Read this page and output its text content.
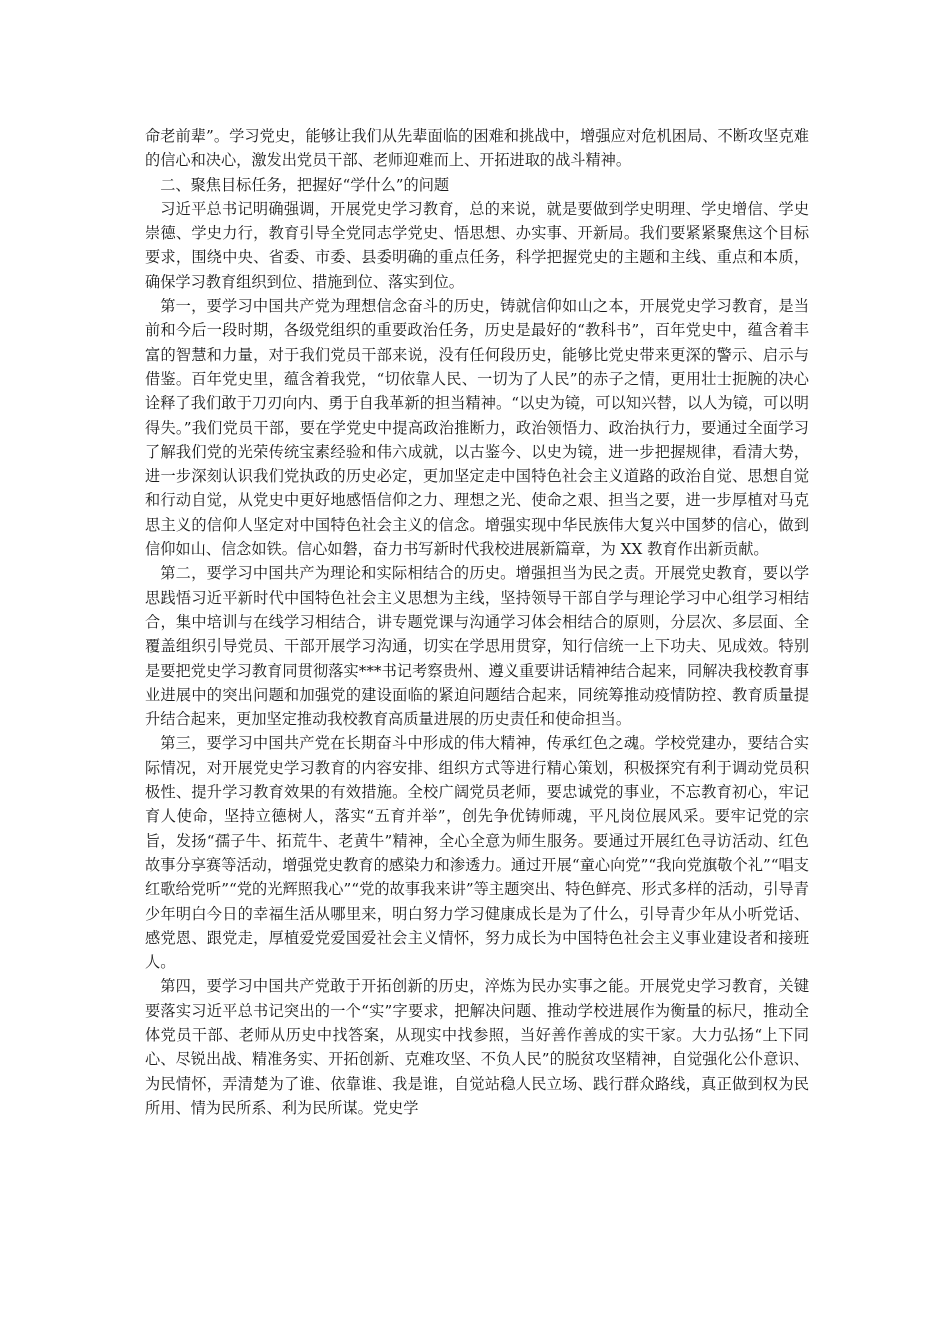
命老前辈”。学习党史，能够让我们从先辈面临的困难和挑战中，增强应对危机困局、不断攻坚克难的信心和决心，激发出党员干部、老师迎难而上、开拓进取的战斗精神。

二、聚焦目标任务，把握好“学什么”的问题

习近平总书记明确强调，开展党史学习教育，总的来说，就是要做到学史明理、学史增信、学史崇德、学史力行，教育引导全党同志学党史、悟思想、办实事、开新局。我们要紧紧聚焦这个目标要求，围绕中央、省委、市委、县委明确的重点任务，科学把握党史的主题和主线、重点和本质，确保学习教育组织到位、措施到位、落实到位。

第一，要学习中国共产党为理想信念奋斗的历史，铸就信仰如山之本，开展党史学习教育，是当前和今后一段时期，各级党组织的重要政治任务，历史是最好的“教科书”，百年党史中，蕴含着丰富的智慧和力量，对于我们党员干部来说，没有任何段历史，能够比党史带来更深的警示、启示与借鉴。百年党史里，蕴含着我党，“切依靠人民、一切为了人民”的赤子之情，更用壮士扼腕的决心诠释了我们敢于刀刃向内、勇于自我革新的担当精神。“以史为镜，可以知兴替，以人为镜，可以明得失。”我们党员干部，要在学党史中提高政治推断力，政治领悟力、政治执行力，要通过全面学习了解我们党的光荣传统宝素经验和伟六成就，以古鉴今、以史为镜，进一步把握规律，看清大势，进一步深刻认识我们党执政的历史必定，更加坚定走中国特色社会主义道路的政治自觉、思想自觉和行动自觉，从党史中更好地感悟信仰之力、理想之光、使命之艰、担当之要，进一步厚植对马克思主义的信仰人坚定对中国特色社会主义的信念。增强实现中华民族伟大复兴中国梦的信心，做到信仰如山、信念如铁。信心如磐，奋力书写新时代我校进展新篇章，为 XX 教育作出新贡献。

第二，要学习中国共产为理论和实际相结合的历史。增强担当为民之责。开展党史教育，要以学思践悟习近平新时代中国特色社会主义思想为主线，坚持领导干部自学与理论学习中心组学习相结合，集中培训与在线学习相结合，讲专题党课与沟通学习体会相结合的原则，分层次、多层面、全覆盖组织引导党员、干部开展学习沟通，切实在学思用贯穿，知行信统一上下功夫、见成效。特别是要把党史学习教育同贯彻落实***书记考察贵州、遵义重要讲话精神结合起来，同解决我校教育事业进展中的突出问题和加强党的建设面临的紧迫问题结合起来，同统筹推动疫情防控、教育质量提升结合起来，更加坚定推动我校教育高质量进展的历史责任和使命担当。

第三，要学习中国共产党在长期奋斗中形成的伟大精神，传承红色之魂。学校党建办，要结合实际情况，对开展党史学习教育的内容安排、组织方式等进行精心策划，积极探究有利于调动党员积极性、提升学习教育效果的有效措施。全校广阔党员老师，要忠诚党的事业，不忘教育初心，牢记育人使命，坚持立德树人，落实“五育并举”，创先争优铸师魂，平凡岗位展风采。要牢记党的宗旨，发扬“孺子牛、拓荒牛、老黄牛”精神，全心全意为师生服务。要通过开展红色寻访活动、红色故事分享赛等活动，增强党史教育的感染力和渗透力。通过开展“童心向党”“我向党旗敬个礼”“唱支红歌给党听”“党的光辉照我心”“党的故事我来讲”等主题突出、特色鲜亮、形式多样的活动，引导青少年明白今日的幸福生活从哪里来，明白努力学习健康成长是为了什么，引导青少年从小听党话、感党恩、跟党走，厚植爱党爱国爱社会主义情怀，努力成长为中国特色社会主义事业建设者和接班人。

第四，要学习中国共产党敢于开拓创新的历史，淬炼为民办实事之能。开展党史学习教育，关键要落实习近平总书记突出的一个“实”字要求，把解决问题、推动学校进展作为衡量的标尺，推动全体党员干部、老师从历史中找答案，从现实中找参照，当好善作善成的实干家。大力弘扬“上下同心、尽锐出战、精准务实、开拓创新、克难攻坚、不负人民”的脱贫攻坚精神，自觉强化公仆意识、为民情怀，弄清楚为了谁、依靠谁、我是谁，自觉站稳人民立场、践行群众路线，真正做到权为民所用、情为民所系、利为民所谋。党史学
